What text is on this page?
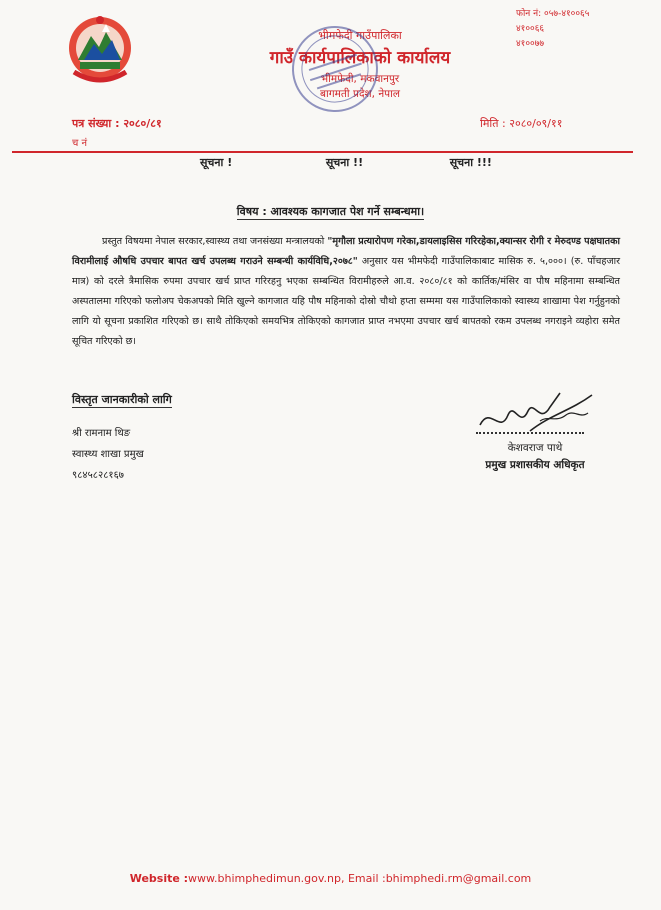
फोन नं: ०५७-४१००६५
४१००६६
४१००७७
भीमफेदी गाउँपालिका
गाउँ कार्यपालिकाको कार्यालय
भीमफेदी, मकवानपुर
बागमती प्रदेश, नेपाल
पत्र संख्या : २०८०/८१
च नं
मिति : २०८०/०९/११
सूचना !	सूचना !!	सूचना !!!
विषय : आवश्यक कागजात पेश गर्ने सम्बन्धमा।
प्रस्तुत विषयमा नेपाल सरकार,स्वास्थ्य तथा जनसंख्या मन्त्रालयको "मृगौला प्रत्यारोपण गरेका,डायलाइसिस गरिरहेका,क्यान्सर रोगी र मेरुदण्ड पक्षघातका विरामीलाई औषधि उपचार बापत खर्च उपलब्ध गराउने सम्बन्धी कार्यविधि,२०७८" अनुसार यस भीमफेदी गाउँपालिकाबाट मासिक रु. ५,०००। (रु. पाँचहजार मात्र) को दरले त्रैमासिक रुपमा उपचार खर्च प्राप्त गरिरहनु भएका सम्बन्धित विरामीहरुले आ.व. २०८०/८१ को कार्तिक/मंसिर वा पौष महिनामा सम्बन्धित अस्पतालमा गरिएको फलोअप चेकअपको मिति खुल्ने कागजात यहि पौष महिनाको दोस्रो चौथो हप्ता सम्ममा यस गाउँपालिकाको स्वास्थ्य शाखामा पेश गर्नुहुनको लागि यो सूचना प्रकाशित गरिएको छ। साथै तोकिएको समयभित्र तोकिएको कागजात प्राप्त नभएमा उपचार खर्च बापतको रकम उपलब्ध नगराइने व्यहोरा समेत सूचित गरिएको छ।
विस्तृत जानकारीको लागि
श्री रामनाम थिङ
स्वास्थ्य शाखा प्रमुख
९८४५८२८१६७
केशवराज पाथे
प्रमुख प्रशासकीय अधिकृत
Website :www.bhimphedimun.gov.np, Email :bhimphedi.rm@gmail.com
